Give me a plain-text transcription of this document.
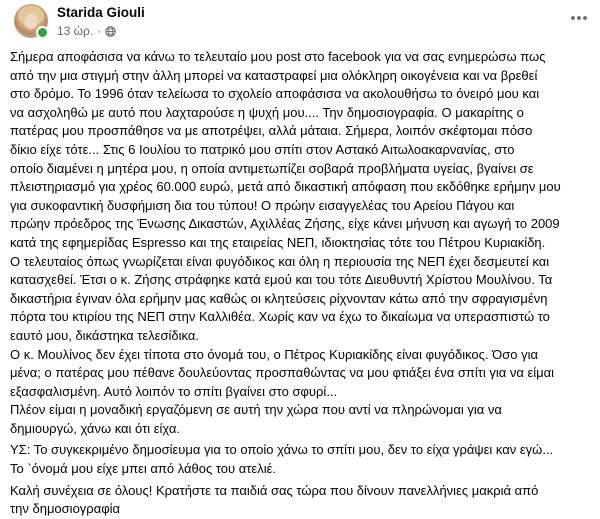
Starida Giouli
13 ώρ. ·

Σήμερα αποφάσισα να κάνω το τελευταίο μου post στο facebook για να σας ενημερώσω πως

από την μια στιγμή στην άλλη μπορεί να καταστραφεί μια ολόκληρη οικογένεια και να βρεθεί

στο δρόμο. Το 1996 όταν τελείωσα το σχολείο αποφάσισα να ακολουθήσω το όνειρό μου και

να ασχοληθώ με αυτό που λαχταρούσε η ψυχή μου.... Την δημοσιογραφία. Ο μακαρίτης ο

πατέρας μου προσπάθησε να με αποτρέψει, αλλά μάταια. Σήμερα, λοιπόν σκέφτομαι πόσο

δίκιο είχε τότε... Στις 6 Ιουλίου το πατρικό μου σπίτι στον Αστακό Αιτωλοακαρνανίας, στο

οποίο διαμένει η μητέρα μου, η οποία αντιμετωπίζει σοβαρά προβλήματα υγείας, βγαίνει σε

πλειστηριασμό για χρέος 60.000 ευρώ, μετά από δικαστική απόφαση που εκδόθηκε ερήμην μου

για συκοφαντική δυσφήμιση δια του τύπου! Ο πρώην εισαγγελέας του Αρείου Πάγου και

πρώην πρόεδρος της Ένωσης Δικαστών, Αχιλλέας Ζήσης, είχε κάνει μήνυση και αγωγή το 2009

κατά της εφημερίδας Espresso και της εταιρείας ΝΕΠ, ιδιοκτησίας τότε του Πέτρου Κυριακίδη.

Ο τελευταίος όπως γνωρίζεται είναι φυγόδικος και όλη η περιουσία της ΝΕΠ έχει δεσμευτεί και

κατασχεθεί. Έτσι ο κ. Ζήσης στράφηκε κατά εμού και του τότε Διευθυντή Χρίστου Μουλίνου. Τα

δικαστήρια έγιναν όλα ερήμην μας καθώς οι κλητεύσεις ρίχνονταν κάτω από την σφραγισμένη

πόρτα του κτιρίου της ΝΕΠ στην Καλλιθέα. Χωρίς καν να έχω το δικαίωμα να υπερασπιστώ το

εαυτό μου, δικάστηκα τελεσίδικα.

Ο κ. Μουλίνος δεν έχει τίποτα στο όνομά του, ο Πέτρος Κυριακίδης είναι φυγόδικος. Όσο για

μένα; ο πατέρας μου πέθανε δουλεύοντας προσπαθώντας να μου φτιάξει ένα σπίτι για να είμαι

εξασφαλισμένη. Αυτό λοιπόν το σπίτι βγαίνει στο σφυρί...

Πλέον είμαι η μοναδική εργαζόμενη σε αυτή την χώρα που αντί να πληρώνομαι για να

δημιουργώ, χάνω και ότι είχα.

ΥΣ: Το συγκεκριμένο δημοσίευμα για το οποίο χάνω το σπίτι μου, δεν το είχα γράψει καν εγώ...

Το `όνομά μου είχε μπει από λάθος του ατελιέ.

Καλή συνέχεια σε όλους! Κρατήστε τα παιδιά σας τώρα που δίνουν πανελλήνιες μακριά από

την δημοσιογραφία
